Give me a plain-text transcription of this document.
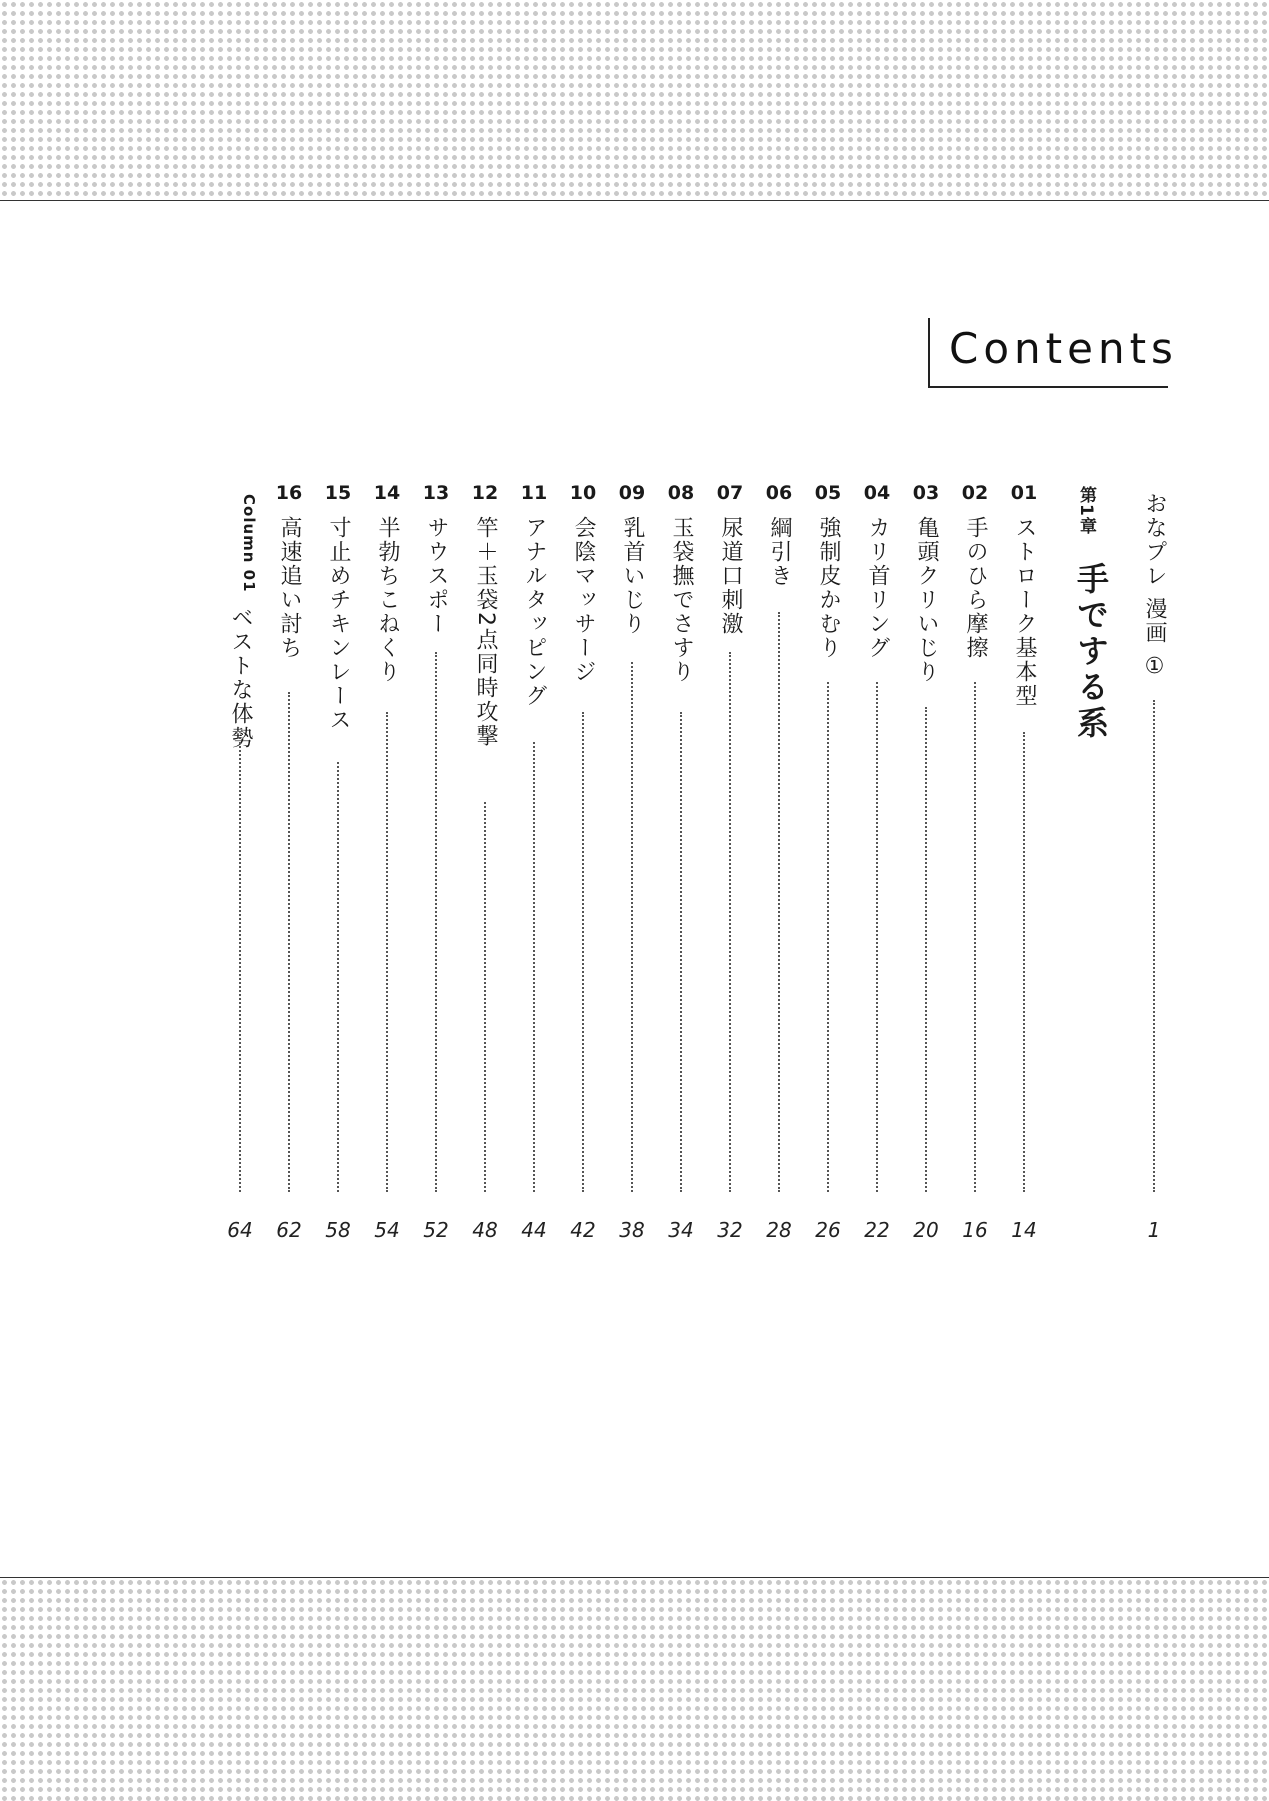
Contents
おなプレ 漫画 ①
1
第1章
手でする系
01
ストローク基本型
14
02
手のひら摩擦
16
03
亀頭クリいじり
20
04
カリ首リング
22
05
強制皮かむり
26
06
綱引き
28
07
尿道口刺激
32
08
玉袋撫でさすり
34
09
乳首いじり
38
10
会陰マッサージ
42
11
アナルタッピング
44
12
竿＋玉袋2点同時攻撃
48
13
サウスポー
52
14
半勃ちこねくり
54
15
寸止めチキンレース
58
16
高速追い討ち
62
Column 01
ベストな体勢
64
